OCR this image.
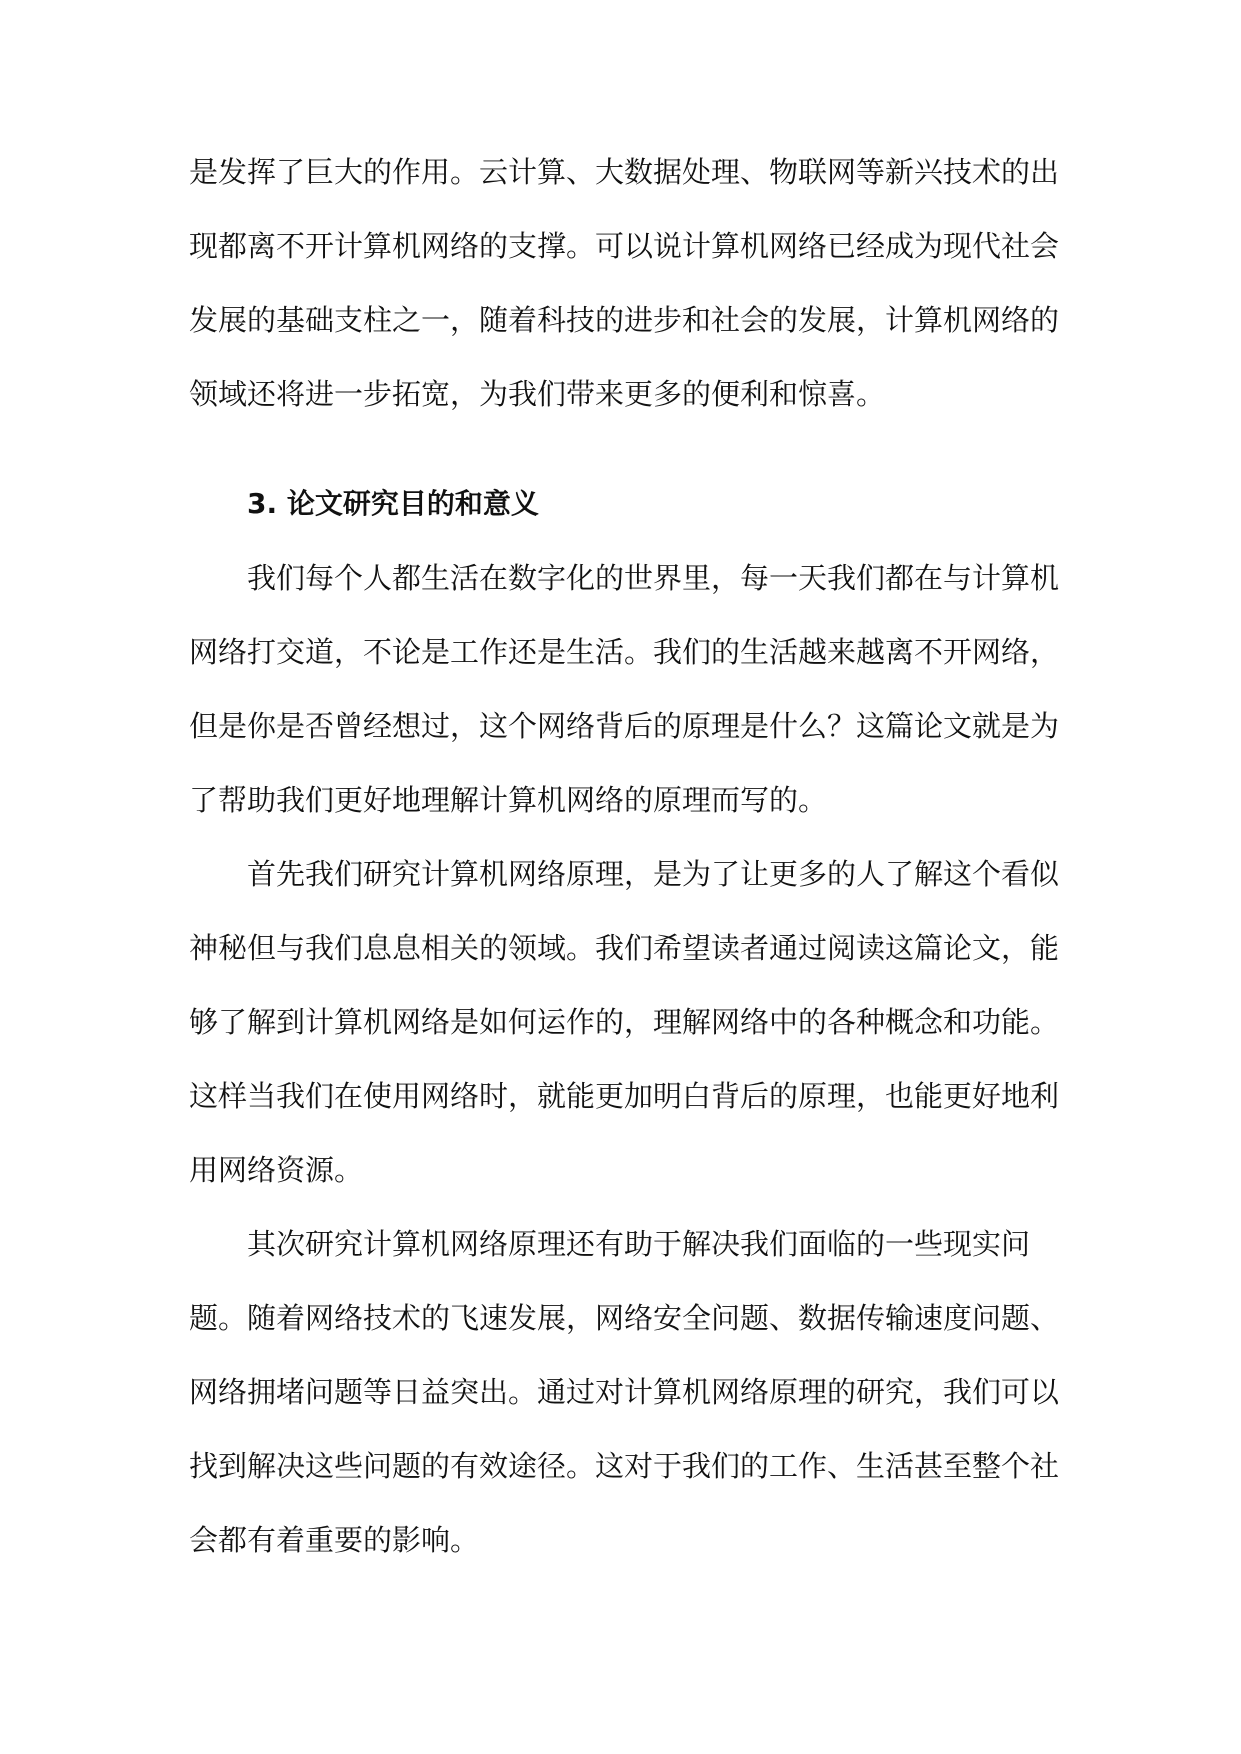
是发挥了巨大的作用。云计算、大数据处理、物联网等新兴技术的出
现都离不开计算机网络的支撑。可以说计算机网络已经成为现代社会
发展的基础支柱之一，随着科技的进步和社会的发展，计算机网络的
领域还将进一步拓宽，为我们带来更多的便利和惊喜。
3. 论文研究目的和意义
我们每个人都生活在数字化的世界里，每一天我们都在与计算机
网络打交道，不论是工作还是生活。我们的生活越来越离不开网络，
但是你是否曾经想过，这个网络背后的原理是什么？这篇论文就是为
了帮助我们更好地理解计算机网络的原理而写的。
首先我们研究计算机网络原理，是为了让更多的人了解这个看似
神秘但与我们息息相关的领域。我们希望读者通过阅读这篇论文，能
够了解到计算机网络是如何运作的，理解网络中的各种概念和功能。
这样当我们在使用网络时，就能更加明白背后的原理，也能更好地利
用网络资源。
其次研究计算机网络原理还有助于解决我们面临的一些现实问
题。随着网络技术的飞速发展，网络安全问题、数据传输速度问题、
网络拥堵问题等日益突出。通过对计算机网络原理的研究，我们可以
找到解决这些问题的有效途径。这对于我们的工作、生活甚至整个社
会都有着重要的影响。
